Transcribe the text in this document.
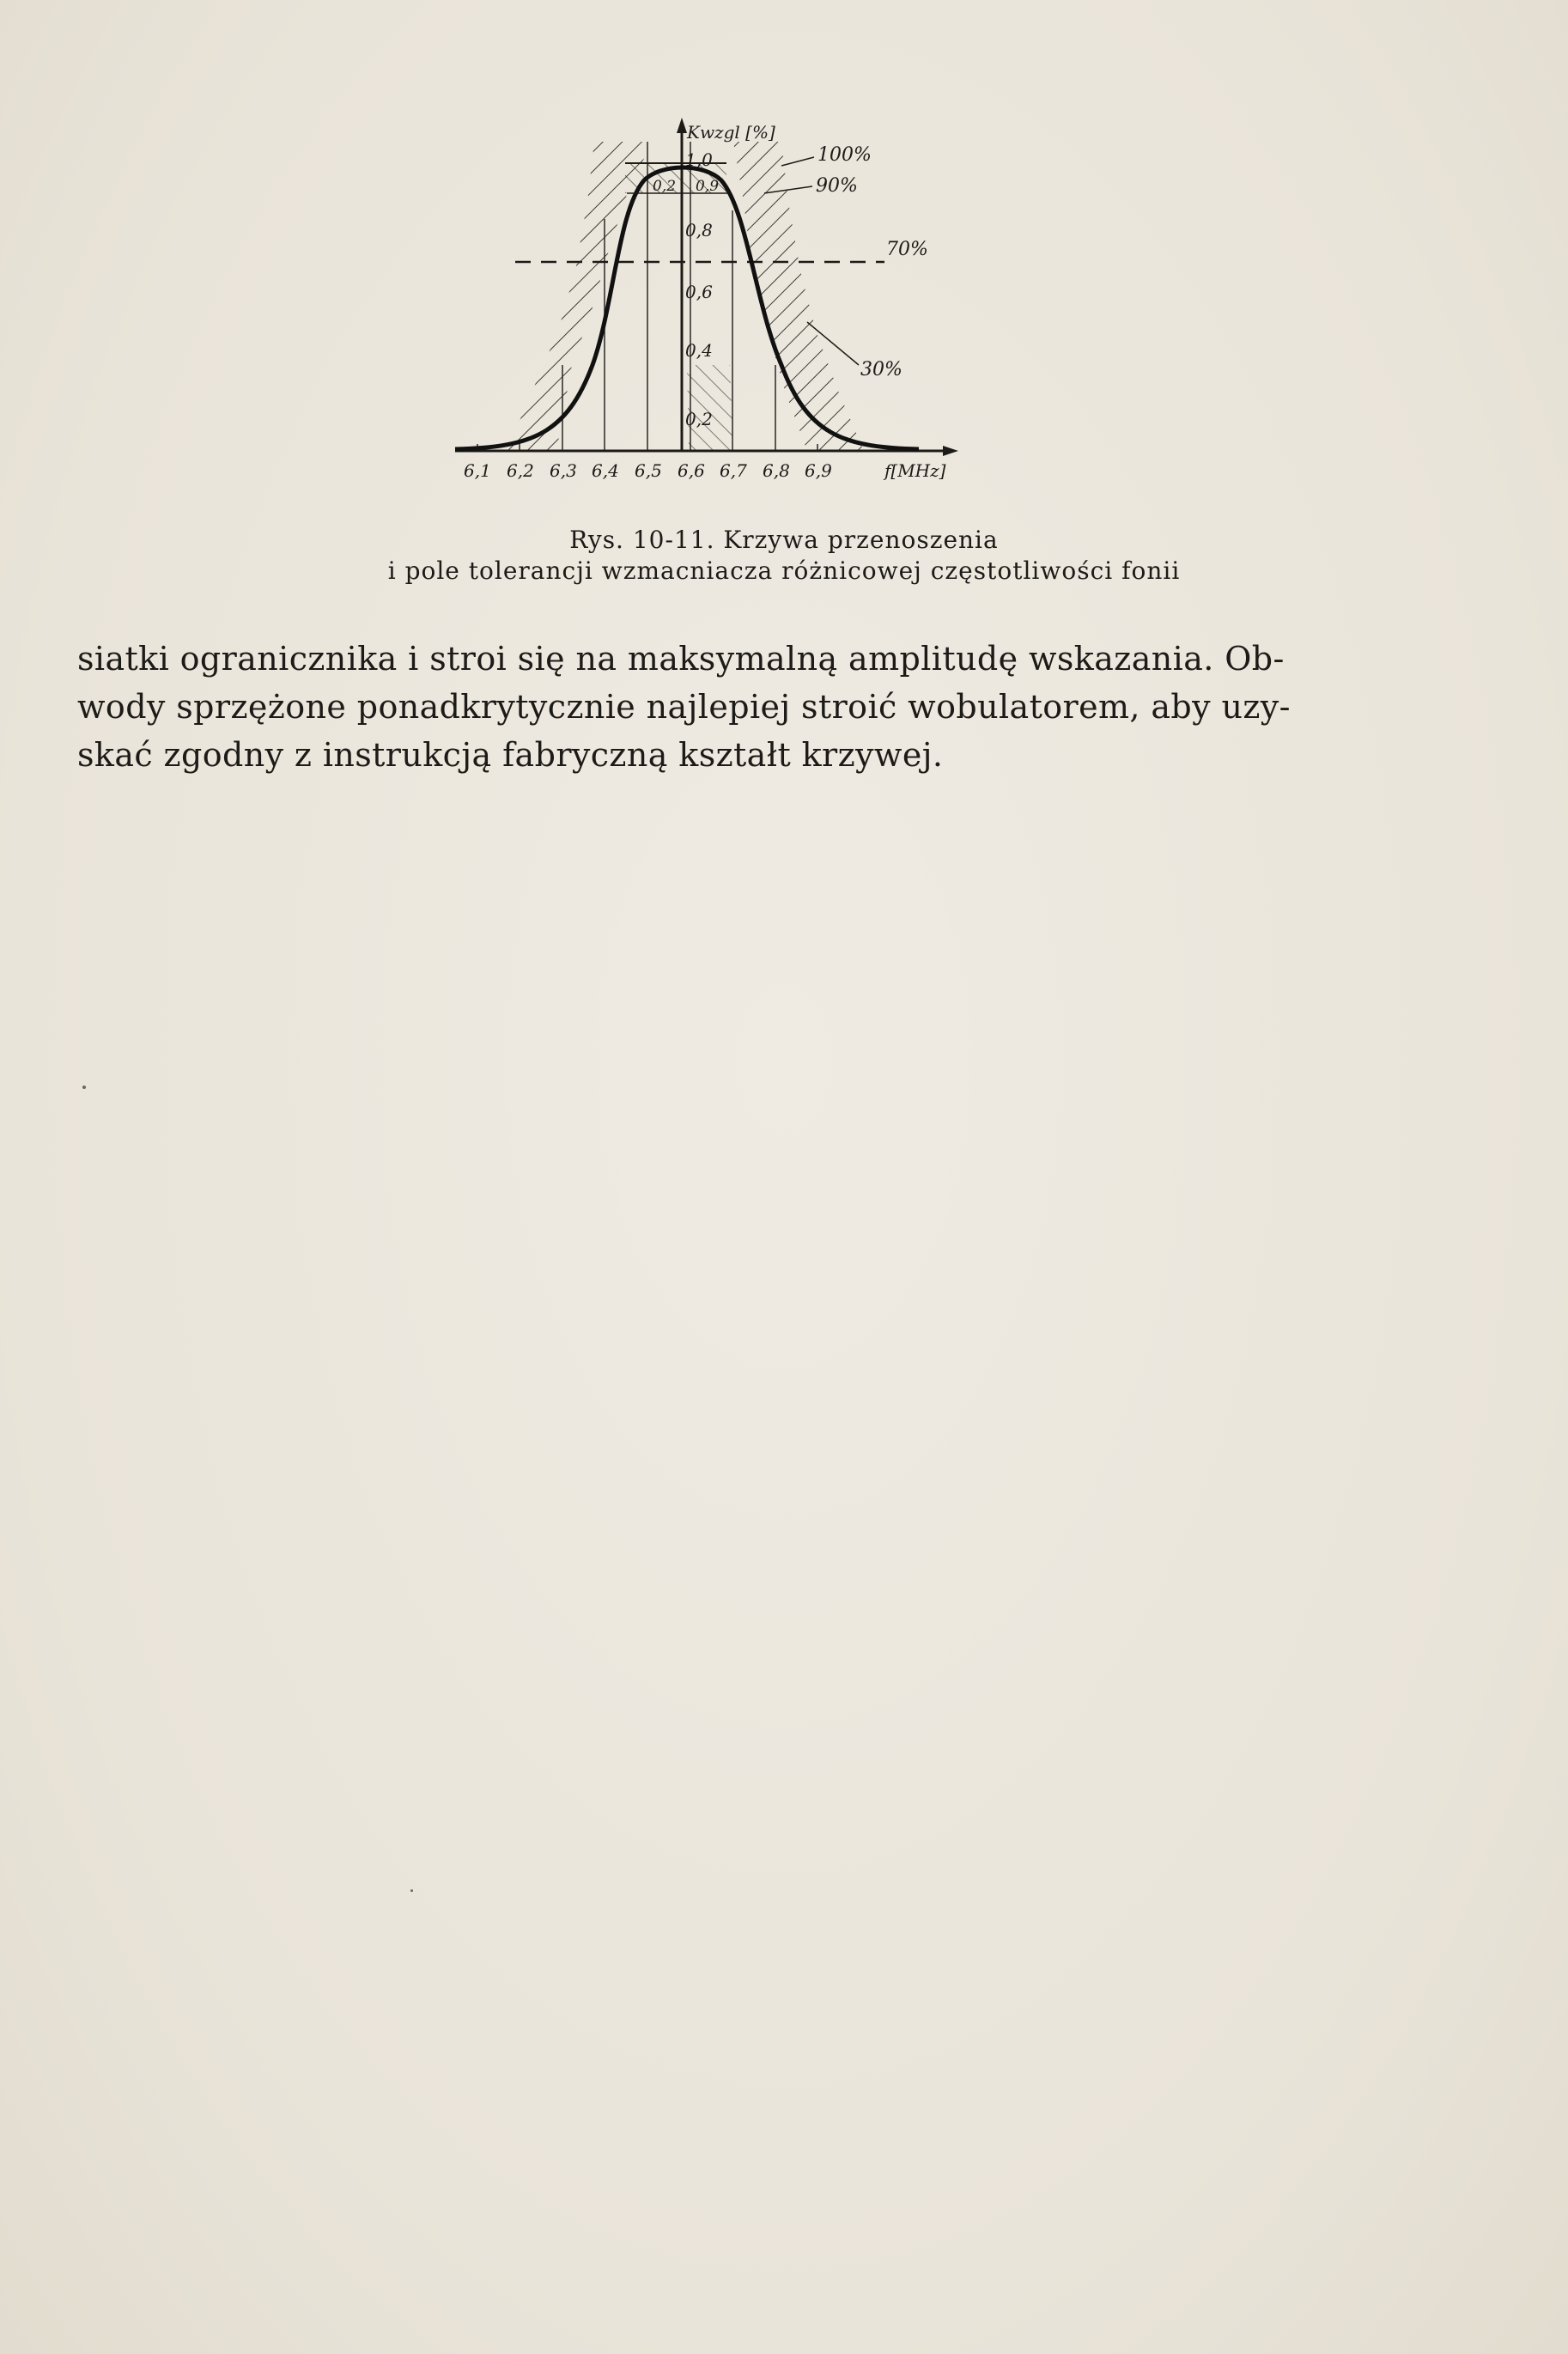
Kwzgl [%]
1,0
0,8
0,6
0,4
0,2
0,2 0,9
100%
90%
70%
30%
6,1 6,2 6,3 6,4 6,5 6,6 6,7 6,8 6,9	f[MHz]
Rys. 10-11. Krzywa przenoszenia
i pole tolerancji wzmacniacza różnicowej częstotliwości fonii
siatki ogranicznika i stroi się na maksymalną amplitudę wskazania. Ob-
wody sprzężone ponadkrytycznie najlepiej stroić wobulatorem, aby uzy-
skać zgodny z instrukcją fabryczną kształt krzywej.
